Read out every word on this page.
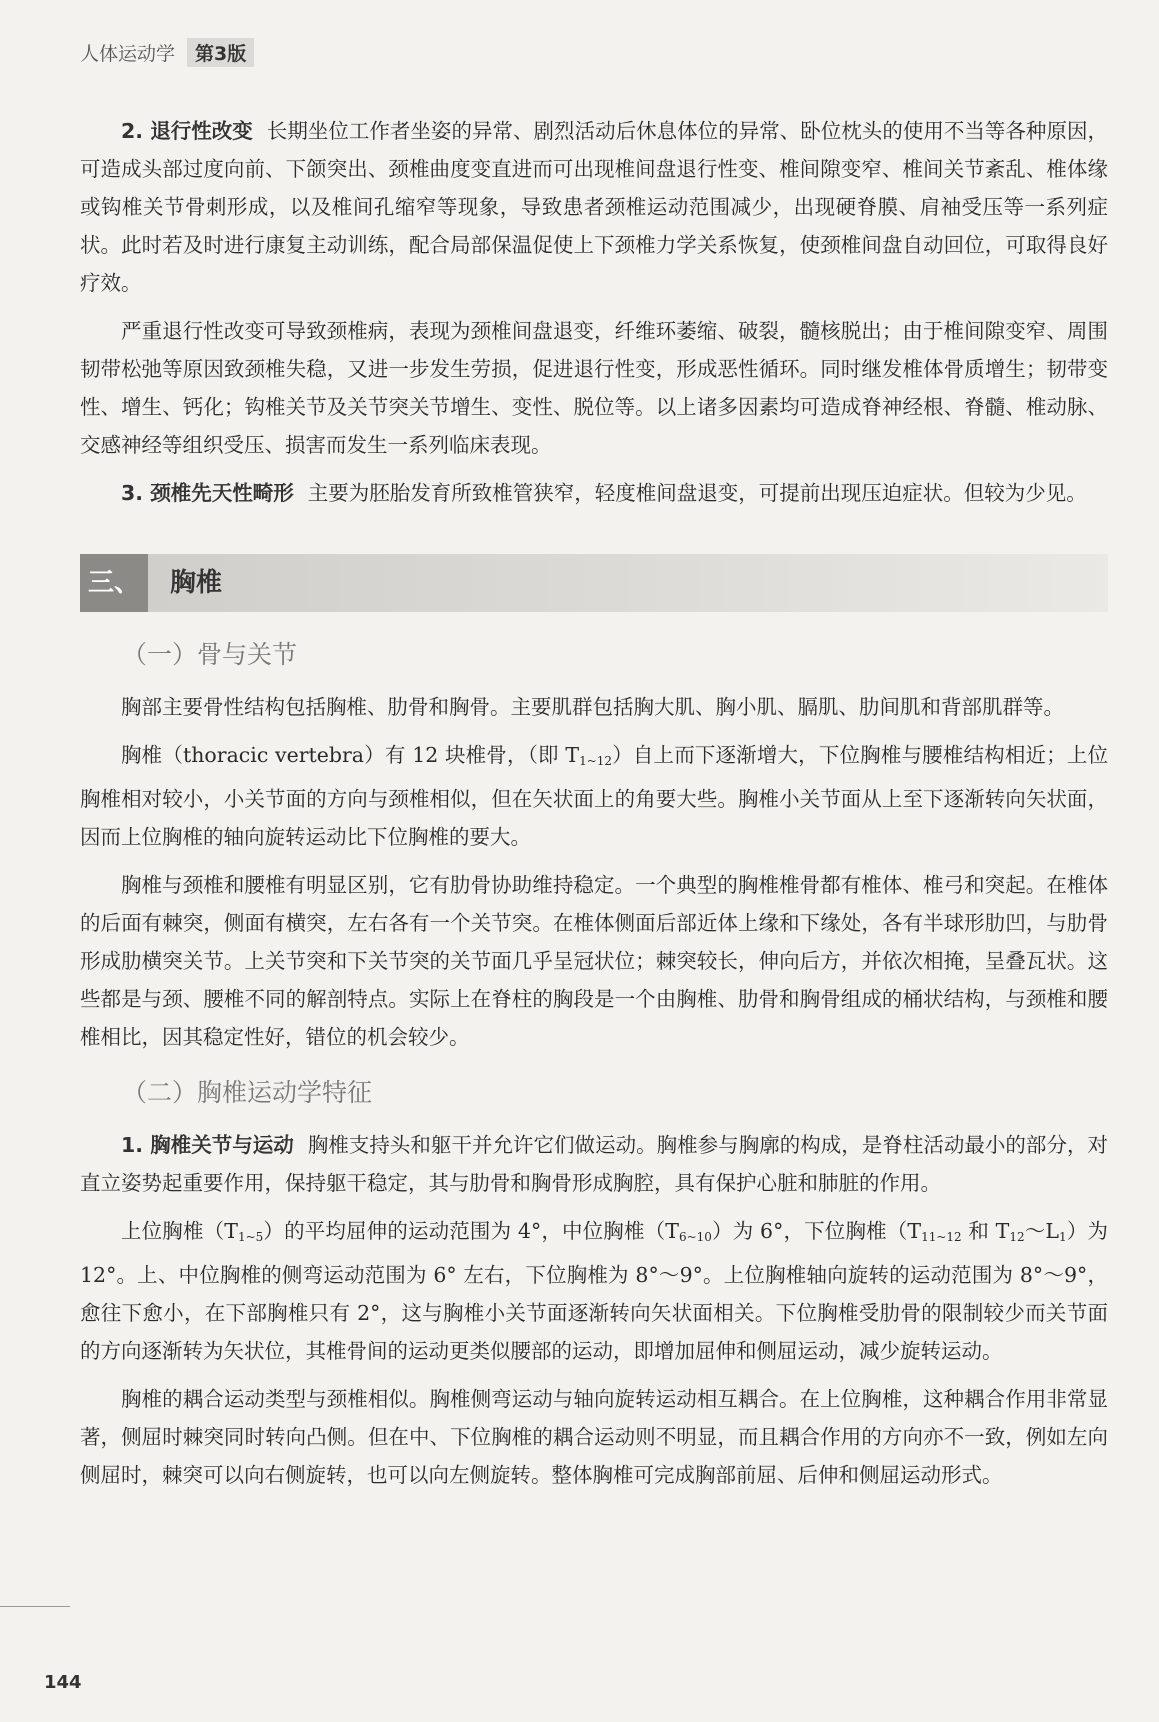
人体运动学 第3版

2. 退行性改变 长期坐位工作者坐姿的异常、剧烈活动后休息体位的异常、卧位枕头的使用不当等各种原因，可造成头部过度向前、下颌突出、颈椎曲度变直进而可出现椎间盘退行性变、椎间隙变窄、椎间关节紊乱、椎体缘或钩椎关节骨刺形成，以及椎间孔缩窄等现象，导致患者颈椎运动范围减少，出现硬脊膜、肩袖受压等一系列症状。此时若及时进行康复主动训练，配合局部保温促使上下颈椎力学关系恢复，使颈椎间盘自动回位，可取得良好疗效。

严重退行性改变可导致颈椎病，表现为颈椎间盘退变，纤维环萎缩、破裂，髓核脱出；由于椎间隙变窄、周围韧带松弛等原因致颈椎失稳，又进一步发生劳损，促进退行性变，形成恶性循环。同时继发椎体骨质增生；韧带变性、增生、钙化；钩椎关节及关节突关节增生、变性、脱位等。以上诸多因素均可造成脊神经根、脊髓、椎动脉、交感神经等组织受压、损害而发生一系列临床表现。

3. 颈椎先天性畸形 主要为胚胎发育所致椎管狭窄，轻度椎间盘退变，可提前出现压迫症状。但较为少见。

三、	胸椎
（一）骨与关节

胸部主要骨性结构包括胸椎、肋骨和胸骨。主要肌群包括胸大肌、胸小肌、膈肌、肋间肌和背部肌群等。

胸椎（thoracic vertebra）有 12 块椎骨，（即 $T_{1\sim 12}$）自上而下逐渐增大，下位胸椎与腰椎结构相近；上位胸椎相对较小，小关节面的方向与颈椎相似，但在矢状面上的角要大些。胸椎小关节面从上至下逐渐转向矢状面，因而上位胸椎的轴向旋转运动比下位胸椎的要大。

胸椎与颈椎和腰椎有明显区别，它有肋骨协助维持稳定。一个典型的胸椎椎骨都有椎体、椎弓和突起。在椎体的后面有棘突，侧面有横突，左右各有一个关节突。在椎体侧面后部近体上缘和下缘处，各有半球形肋凹，与肋骨形成肋横突关节。上关节突和下关节突的关节面几乎呈冠状位；棘突较长，伸向后方，并依次相掩，呈叠瓦状。这些都是与颈、腰椎不同的解剖特点。实际上在脊柱的胸段是一个由胸椎、肋骨和胸骨组成的桶状结构，与颈椎和腰椎相比，因其稳定性好，错位的机会较少。

（二）胸椎运动学特征

1. 胸椎关节与运动 胸椎支持头和躯干并允许它们做运动。胸椎参与胸廓的构成，是脊柱活动最小的部分，对直立姿势起重要作用，保持躯干稳定，其与肋骨和胸骨形成胸腔，具有保护心脏和肺脏的作用。

上位胸椎$(T_{1\sim 5})$的平均屈伸的运动范围为 4°，中位胸椎$(T_{6\sim 10})$为 6°，下位胸椎（$T_{11\sim 12}$ 和 $T_{12}\sim L_1$）为 12°。上、中位胸椎的侧弯运动范围为 6° 左右，下位胸椎为 8°～9°。上位胸椎轴向旋转的运动范围为 8°～9°，愈往下愈小，在下部胸椎只有 2°，这与胸椎小关节面逐渐转向矢状面相关。下位胸椎受肋骨的限制较少而关节面的方向逐渐转为矢状位，其椎骨间的运动更类似腰部的运动，即增加屈伸和侧屈运动，减少旋转运动。

胸椎的耦合运动类型与颈椎相似。胸椎侧弯运动与轴向旋转运动相互耦合。在上位胸椎，这种耦合作用非常显著，侧屈时棘突同时转向凸侧。但在中、下位胸椎的耦合运动则不明显，而且耦合作用的方向亦不一致，例如左向侧屈时，棘突可以向右侧旋转，也可以向左侧旋转。整体胸椎可完成胸部前屈、后伸和侧屈运动形式。

144
